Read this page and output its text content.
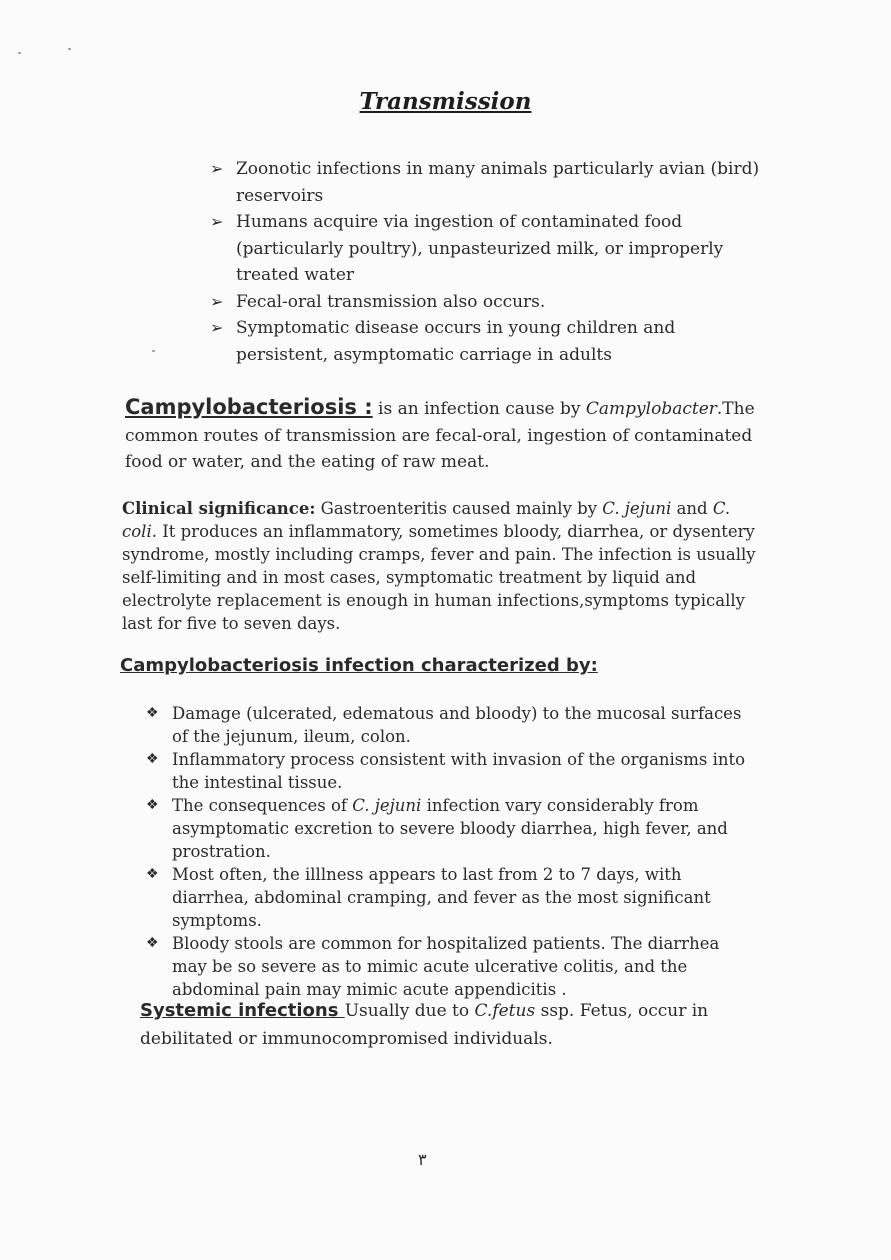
Transmission
➢ Zoonotic infections in many animals particularly avian (bird) reservoirs
➢ Humans acquire via ingestion of contaminated food (particularly poultry), unpasteurized milk, or improperly treated water
➢ Fecal-oral transmission also occurs.
➢ Symptomatic disease occurs in young children and persistent, asymptomatic carriage in adults

Campylobacteriosis : is an infection cause by Campylobacter.The common routes of transmission are fecal-oral, ingestion of contaminated food or water, and the eating of raw meat.

Clinical significance: Gastroenteritis caused mainly by C. jejuni and C. coli. It produces an inflammatory, sometimes bloody, diarrhea, or dysentery syndrome, mostly including cramps, fever and pain. The infection is usually self-limiting and in most cases, symptomatic treatment by liquid and electrolyte replacement is enough in human infections,symptoms typically last for five to seven days.

Campylobacteriosis infection characterized by:
❖ Damage (ulcerated, edematous and bloody) to the mucosal surfaces of the jejunum, ileum, colon.
❖ Inflammatory process consistent with invasion of the organisms into the intestinal tissue.
❖ The consequences of C. jejuni infection vary considerably from asymptomatic excretion to severe bloody diarrhea, high fever, and prostration.
❖ Most often, the illlness appears to last from 2 to 7 days, with diarrhea, abdominal cramping, and fever as the most significant symptoms.
❖ Bloody stools are common for hospitalized patients. The diarrhea may be so severe as to mimic acute ulcerative colitis, and the abdominal pain may mimic acute appendicitis .

Systemic infections Usually due to C.fetus ssp. Fetus, occur in debilitated or immunocompromised individuals.

٣
